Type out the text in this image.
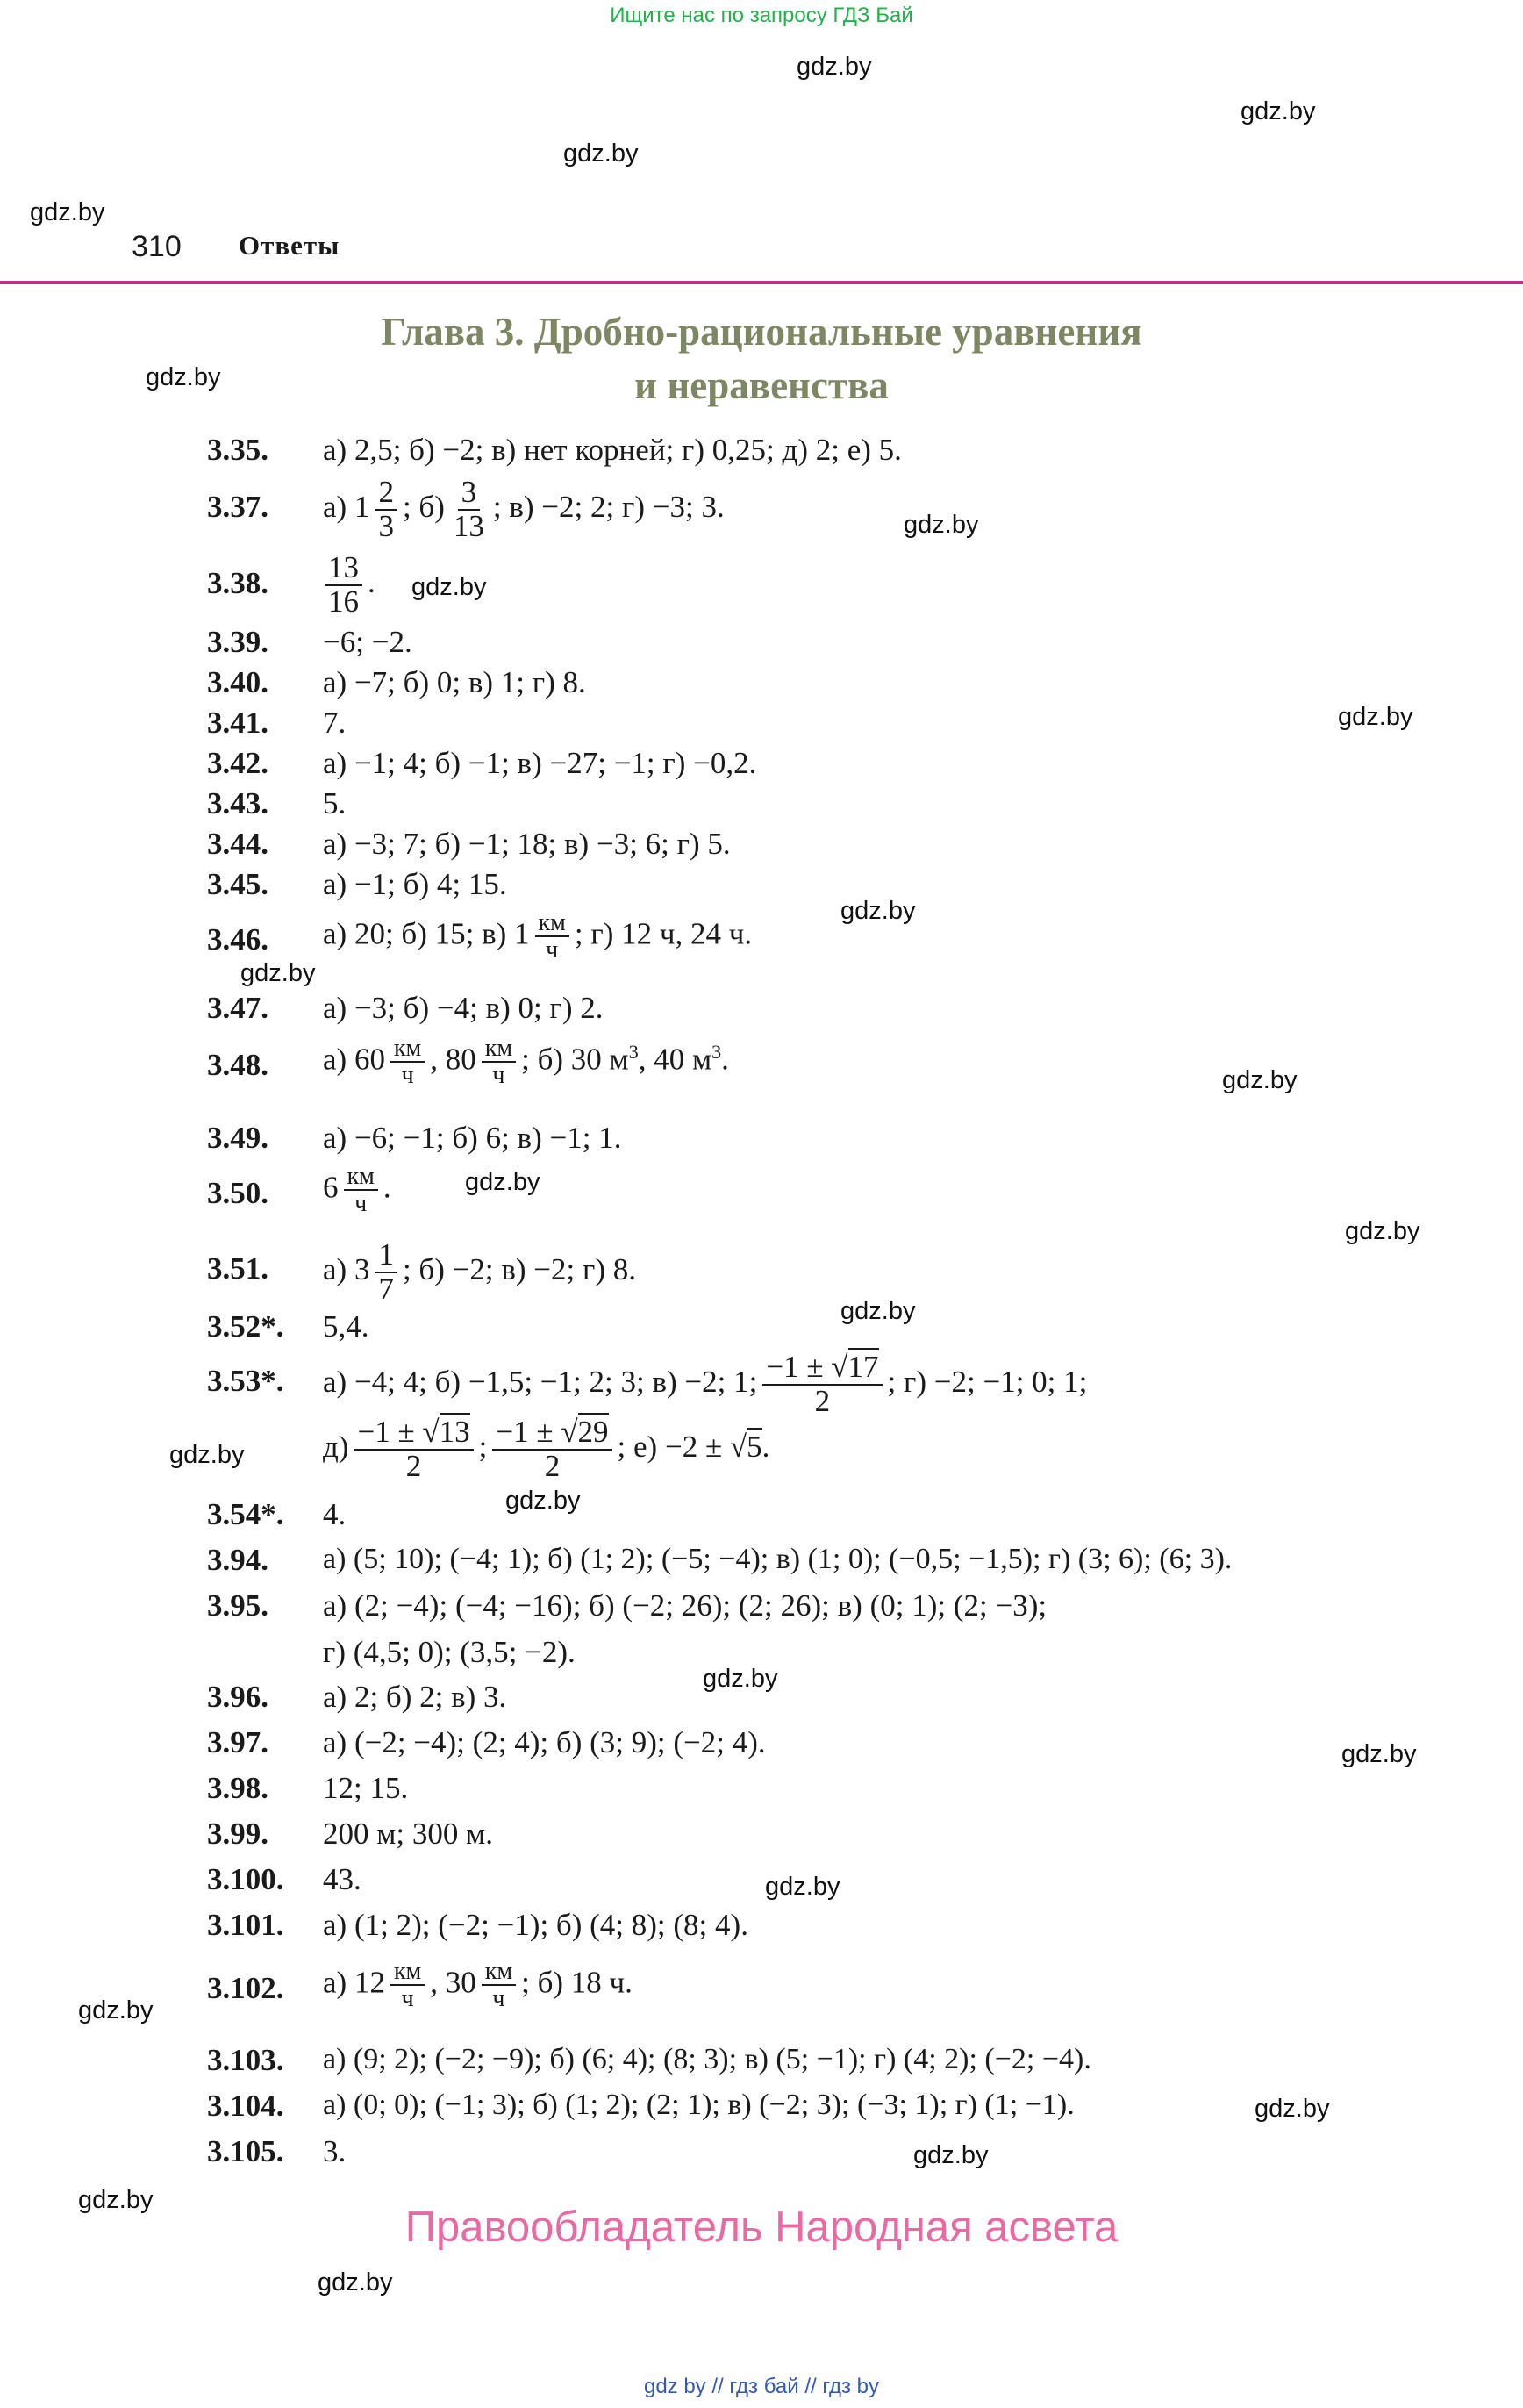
Ищите нас по запросу ГДЗ Бай
gdz.by
gdz.by
gdz.by
gdz.by
gdz.by
gdz.by
gdz.by
gdz.by
gdz.by
gdz.by
gdz.by
gdz.by
gdz.by
gdz.by
gdz.by
gdz.by
gdz.by
gdz.by
gdz.by
gdz.by
gdz.by
gdz.by
gdz.by
gdz.by
310 Ответы
Глава 3. Дробно-рациональные уравнения
и неравенства
3.35. а) 2,5; б) −2; в) нет корней; г) 0,25; д) 2; е) 5.
3.37. а) $1 \frac{2}{3}$ ; $б) \frac{3}{13}$ ; в) −2; 2; г) −3; 3.
3.38. $\frac{13}{16}$ .
3.39. −6; −2.
3.40. а) −7; б) 0; в) 1; г) 8.
3.41. 7.
3.42. а) −1; 4; б) −1; в) −27; −1; г) −0,2.
3.43. 5.
3.44. а) −3; 7; б) −1; 18; в) −3; 6; г) 5.
3.45. а) −1; б) 4; 15.
3.46. а) 20; б) 15; в) $1 \frac{км}{ч}$ ; г) 12 ч, 24 ч.
3.47. а) −3; б) −4; в) 0; г) 2.
3.48. а) $60 \frac{км}{ч}$ , $80 \frac{км}{ч}$ ; б) 30 $м^3$, 40 $м^3$.
3.49. а) −6; −1; б) 6; в) −1; 1.
3.50. $6 \frac{км}{ч}$ .
3.51. а) $3 \frac{1}{7}$ ; б) −2; в) −2; г) 8.
3.52*. 5,4.
3.53*. а) −4; 4; б) −1,5; −1; 2; 3; в) −2; 1; $\frac{-1 \pm √17}{2}$ ; г) −2; −1; 0; 1;
$д) \frac{-1 \pm √13}{2}$ ; $\frac{-1 \pm √29}{2}$ ; е) −2 ± √5.
3.54*. 4.
3.94. а) (5; 10); (−4; 1); б) (1; 2); (−5; −4); в) (1; 0); (−0,5; −1,5); г) (3; 6); (6; 3).
3.95. а) (2; −4); (−4; −16); б) (−2; 26); (2; 26); в) (0; 1); (2; −3);
г) (4,5; 0); (3,5; −2).
3.96. а) 2; б) 2; в) 3.
3.97. а) (−2; −4); (2; 4); б) (3; 9); (−2; 4).
3.98. 12; 15.
3.99. 200 м; 300 м.
3.100. 43.
3.101. а) (1; 2); (−2; −1); б) (4; 8); (8; 4).
3.102. а) $12 \frac{км}{ч}$ , $30 \frac{км}{ч}$ ; б) 18 ч.
3.103. а) (9; 2); (−2; −9); б) (6; 4); (8; 3); в) (5; −1); г) (4; 2); (−2; −4).
3.104. а) (0; 0); (−1; 3); б) (1; 2); (2; 1); в) (−2; 3); (−3; 1); г) (1; −1).
3.105. 3.
Правообладатель Народная асвета
gdz by // гдз бай // гдз by
